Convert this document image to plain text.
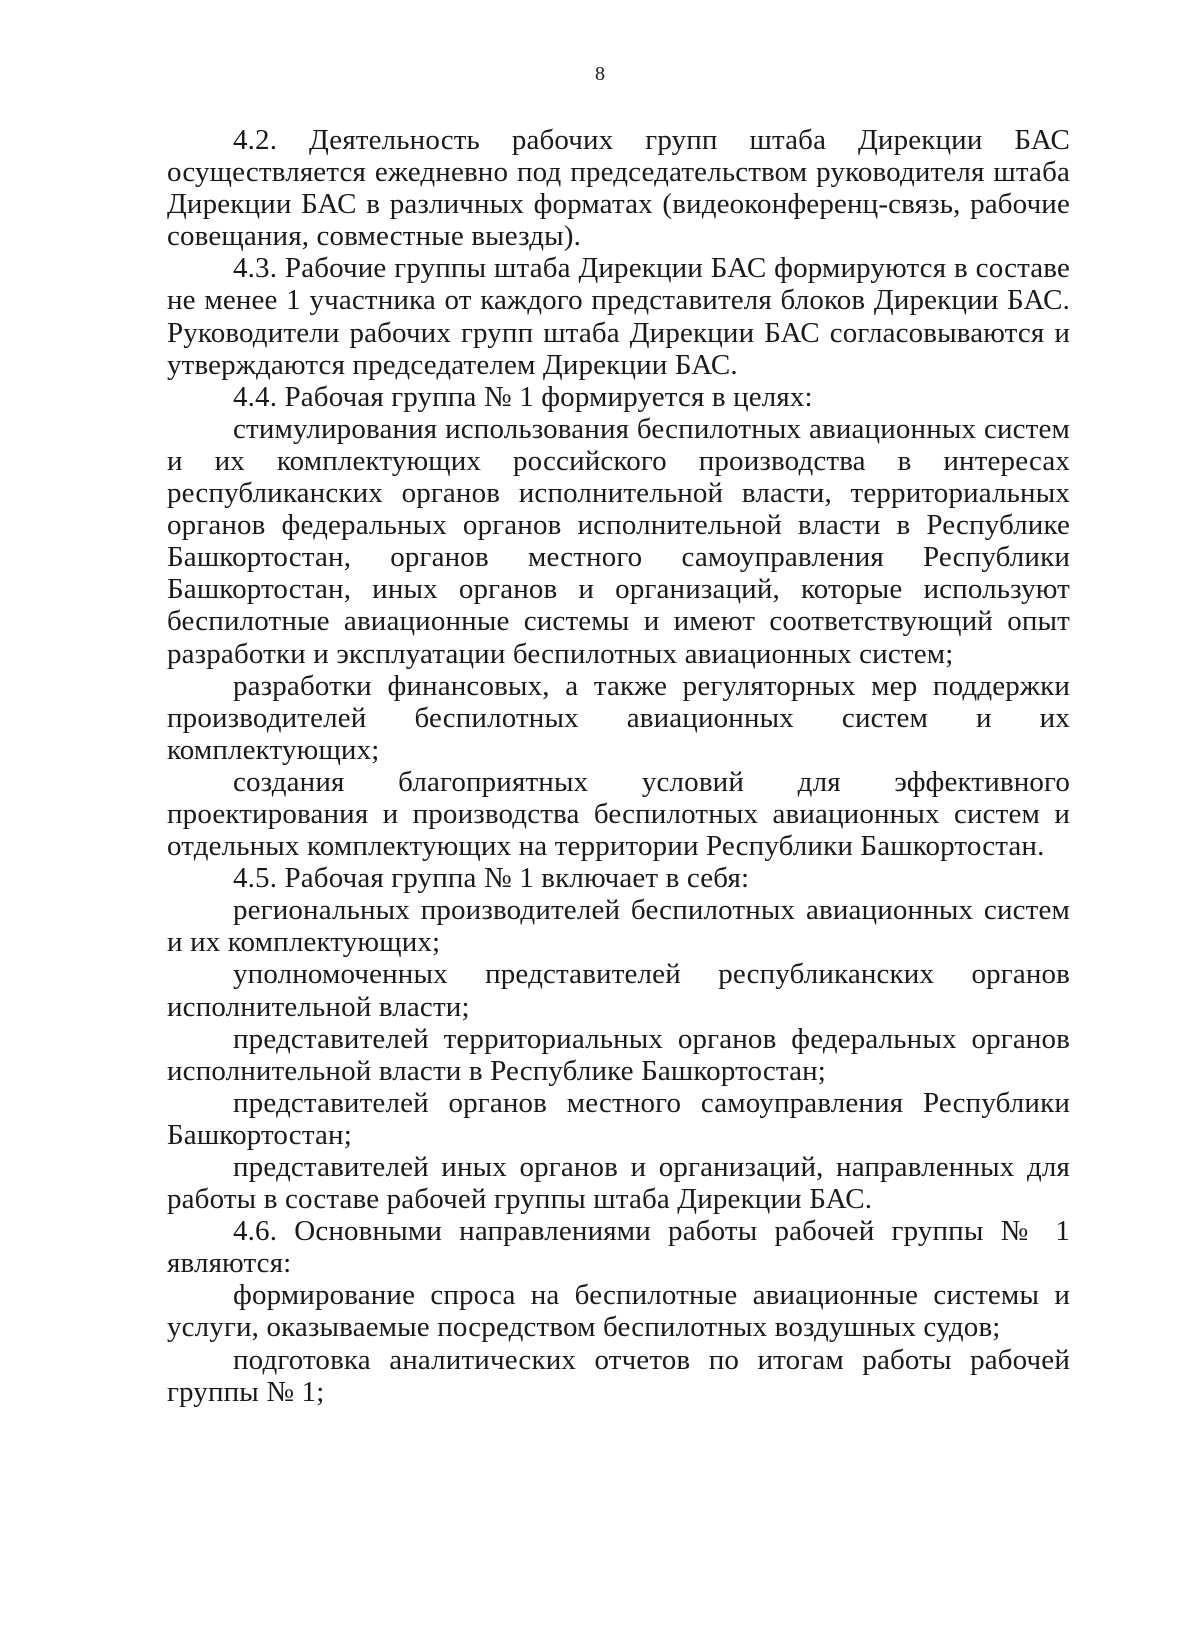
8

4.2. Деятельность рабочих групп штаба Дирекции БАС осуществляется ежедневно под председательством руководителя штаба Дирекции БАС в различных форматах (видеоконференц-связь, рабочие совещания, совместные выезды).

4.3. Рабочие группы штаба Дирекции БАС формируются в составе не менее 1 участника от каждого представителя блоков Дирекции БАС. Руководители рабочих групп штаба Дирекции БАС согласовываются и утверждаются председателем Дирекции БАС.

4.4. Рабочая группа № 1 формируется в целях:

стимулирования использования беспилотных авиационных систем и их комплектующих российского производства в интересах республиканских органов исполнительной власти, территориальных органов федеральных органов исполнительной власти в Республике Башкортостан, органов местного самоуправления Республики Башкортостан, иных органов и организаций, которые используют беспилотные авиационные системы и имеют соответствующий опыт разработки и эксплуатации беспилотных авиационных систем;

разработки финансовых, а также регуляторных мер поддержки производителей беспилотных авиационных систем и их комплектующих;

создания благоприятных условий для эффективного проектирования и производства беспилотных авиационных систем и отдельных комплектующих на территории Республики Башкортостан.

4.5. Рабочая группа № 1 включает в себя:

региональных производителей беспилотных авиационных систем и их комплектующих;

уполномоченных представителей республиканских органов исполнительной власти;

представителей территориальных органов федеральных органов исполнительной власти в Республике Башкортостан;

представителей органов местного самоуправления Республики Башкортостан;

представителей иных органов и организаций, направленных для работы в составе рабочей группы штаба Дирекции БАС.

4.6. Основными направлениями работы рабочей группы № 1 являются:

формирование спроса на беспилотные авиационные системы и услуги, оказываемые посредством беспилотных воздушных судов;

подготовка аналитических отчетов по итогам работы рабочей группы № 1;
